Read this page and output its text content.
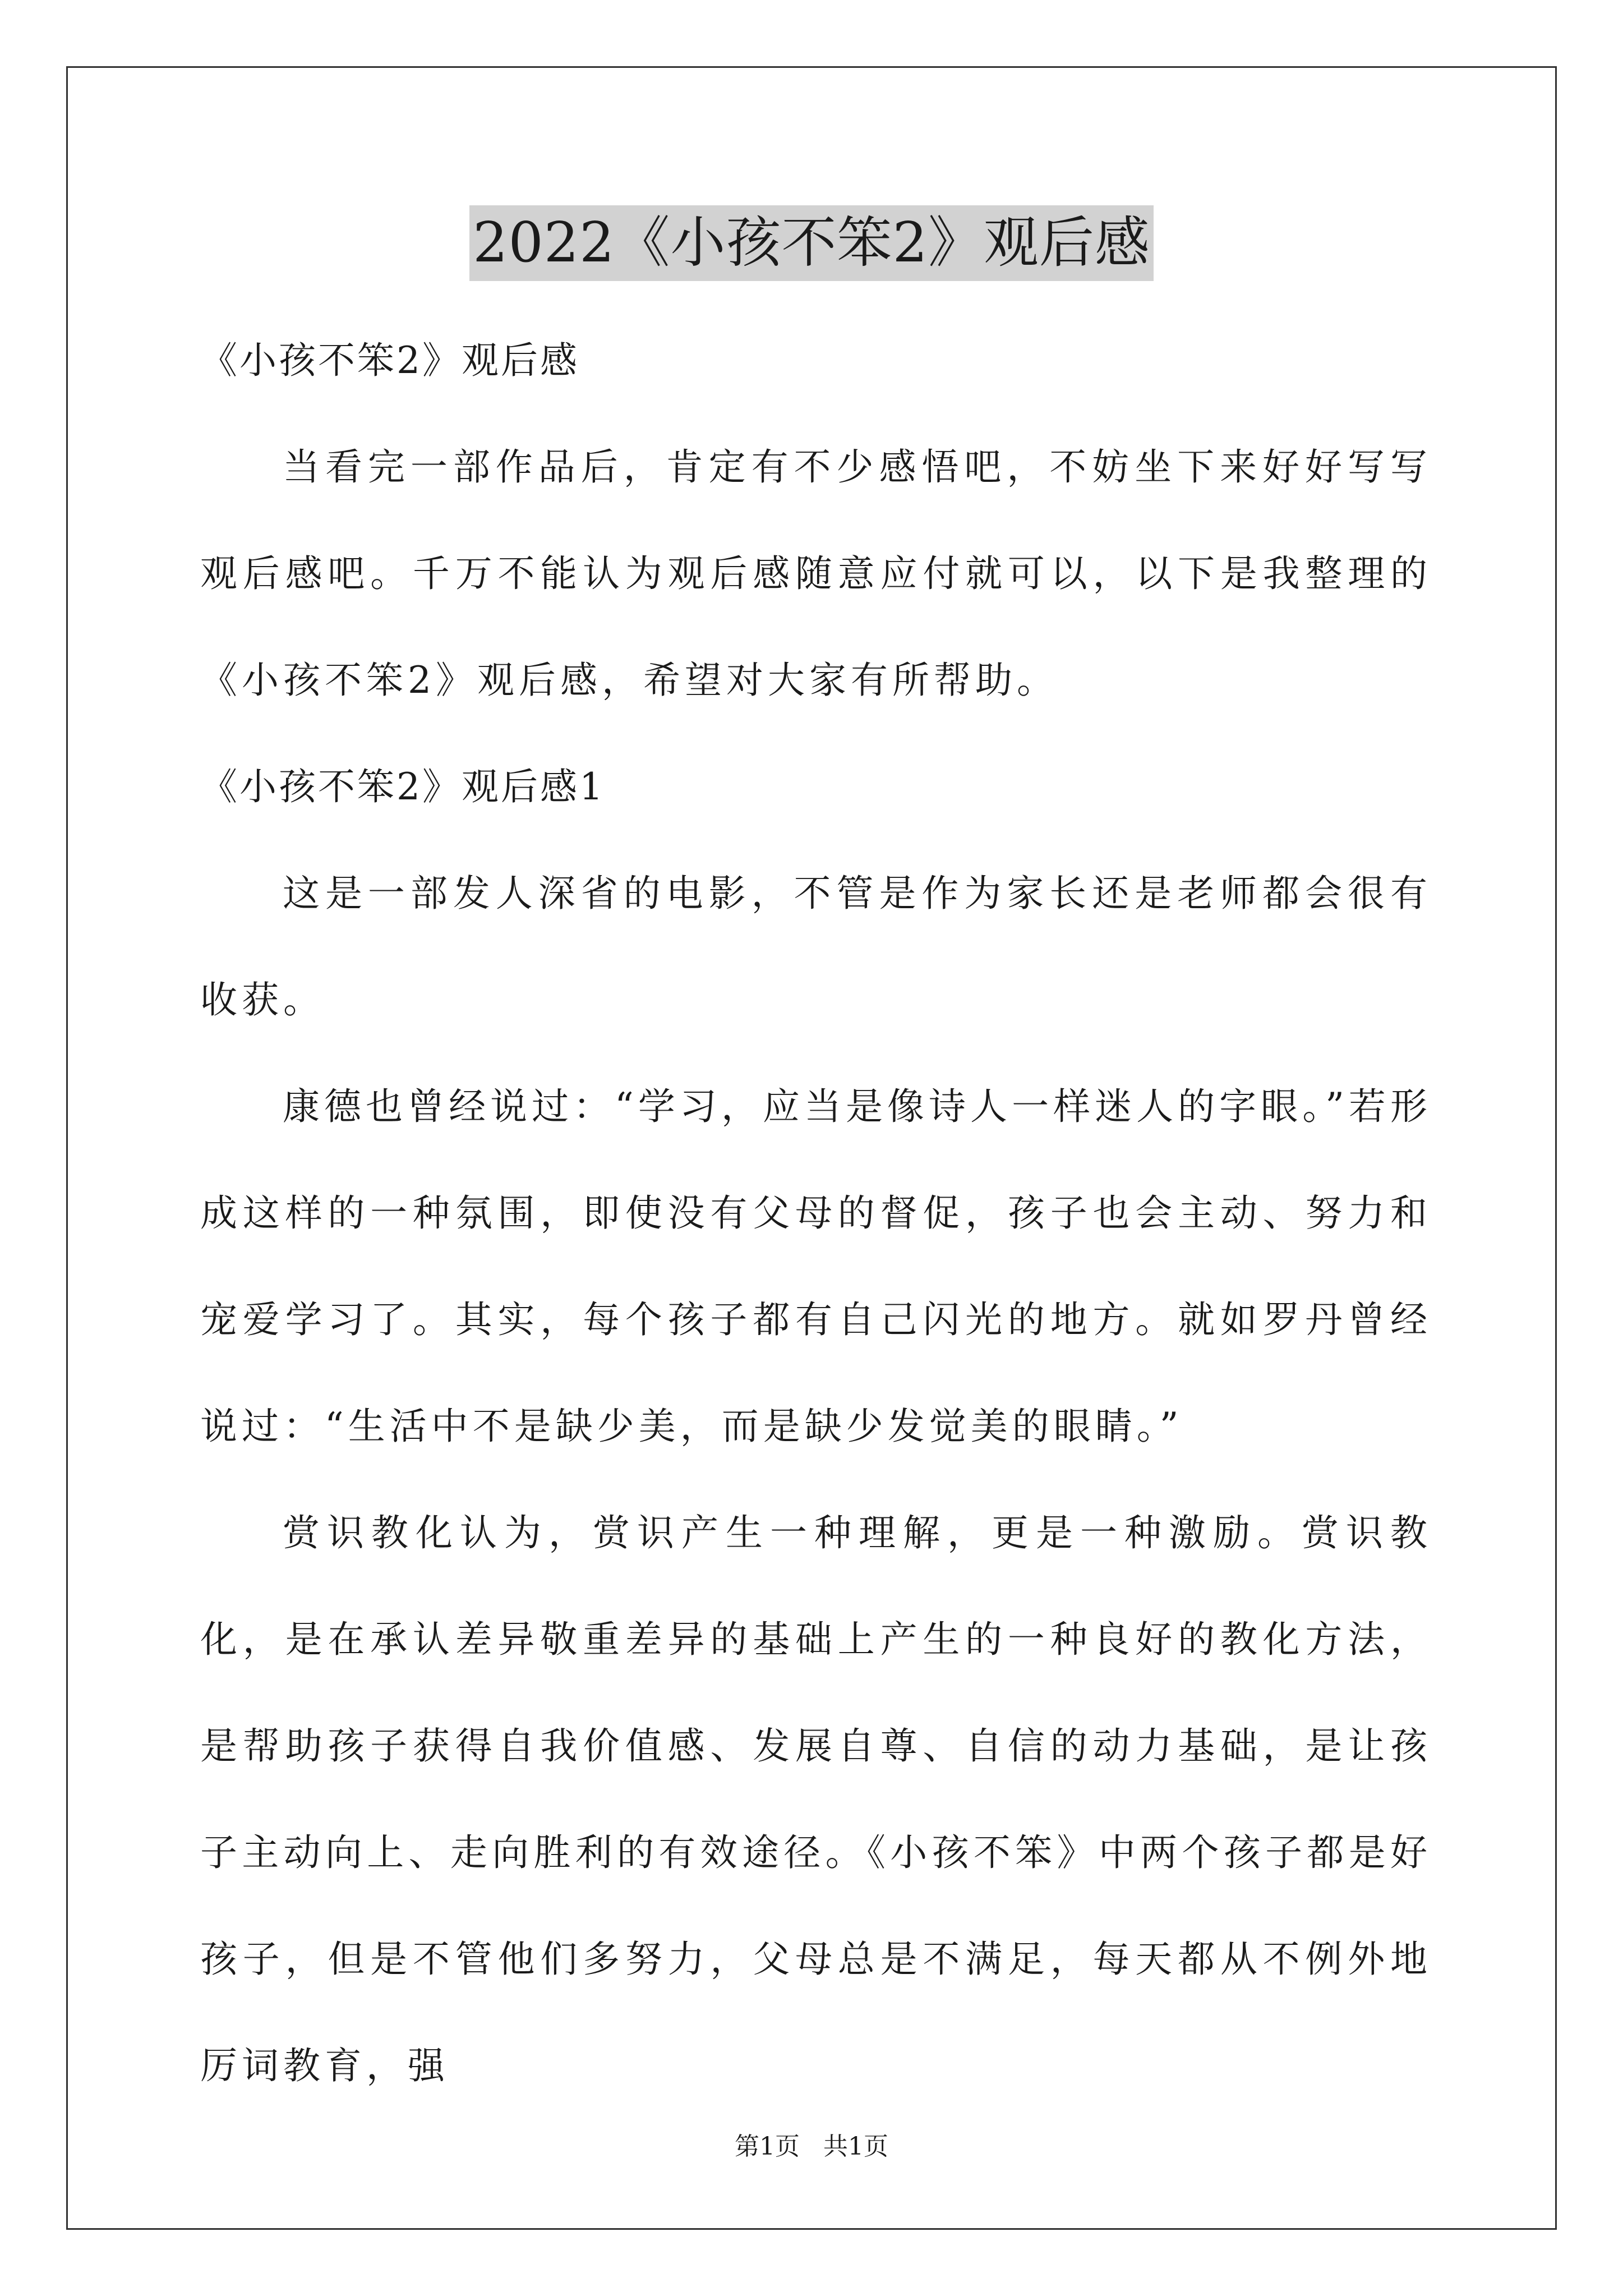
2022《小孩不笨2》观后感

《小孩不笨2》观后感

当看完一部作品后，肯定有不少感悟吧，不妨坐下来好好写写观后感吧。千万不能认为观后感随意应付就可以，以下是我整理的《小孩不笨2》观后感，希望对大家有所帮助。

《小孩不笨2》观后感1

这是一部发人深省的电影，不管是作为家长还是老师都会很有收获。

康德也曾经说过：“学习，应当是像诗人一样迷人的字眼。”若形成这样的一种氛围，即使没有父母的督促，孩子也会主动、努力和宠爱学习了。其实，每个孩子都有自己闪光的地方。就如罗丹曾经说过：“生活中不是缺少美，而是缺少发觉美的眼睛。”

赏识教化认为，赏识产生一种理解，更是一种激励。赏识教化，是在承认差异敬重差异的基础上产生的一种良好的教化方法，是帮助孩子获得自我价值感、发展自尊、自信的动力基础，是让孩子主动向上、走向胜利的有效途径。《小孩不笨》中两个孩子都是好孩子，但是不管他们多努力，父母总是不满足，每天都从不例外地厉词教育，强

第1页   共1页
